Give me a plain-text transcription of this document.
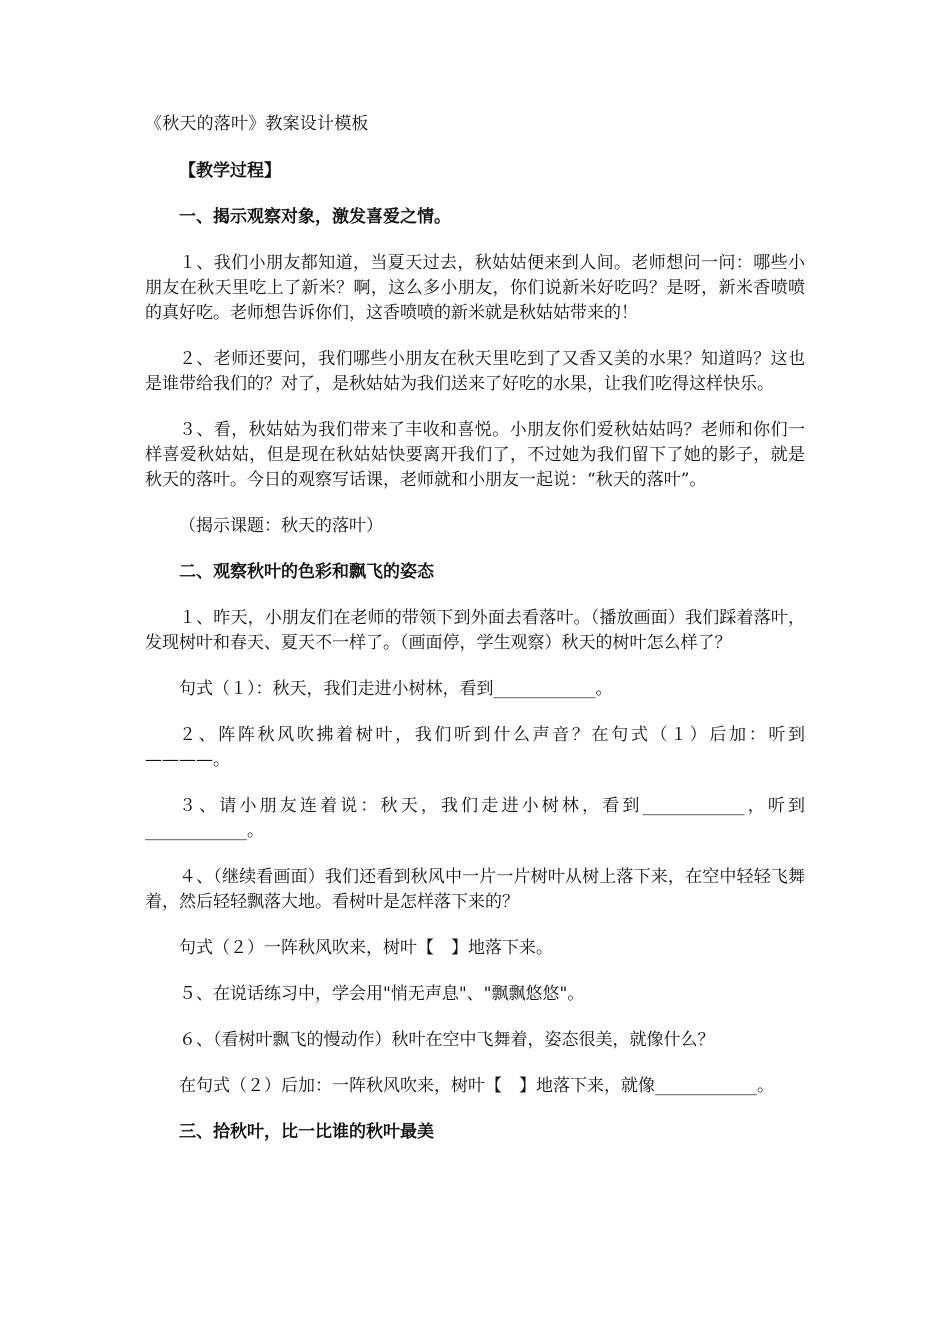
《秋天的落叶》教案设计模板

【教学过程】

一、揭示观察对象，激发喜爱之情。

１、我们小朋友都知道，当夏天过去，秋姑姑便来到人间。老师想问一问：哪些小朋友在秋天里吃上了新米？啊，这么多小朋友，你们说新米好吃吗？是呀，新米香喷喷的真好吃。老师想告诉你们，这香喷喷的新米就是秋姑姑带来的！

２、老师还要问，我们哪些小朋友在秋天里吃到了又香又美的水果？知道吗？这也是谁带给我们的？对了，是秋姑姑为我们送来了好吃的水果，让我们吃得这样快乐。

３、看，秋姑姑为我们带来了丰收和喜悦。小朋友你们爱秋姑姑吗？老师和你们一样喜爱秋姑姑，但是现在秋姑姑快要离开我们了，不过她为我们留下了她的影子，就是秋天的落叶。今日的观察写话课，老师就和小朋友一起说：“秋天的落叶”。

（揭示课题：秋天的落叶）

二、观察秋叶的色彩和飘飞的姿态

１、昨天，小朋友们在老师的带领下到外面去看落叶。（播放画面）我们踩着落叶，发现树叶和春天、夏天不一样了。（画面停，学生观察）秋天的树叶怎么样了？

句式（１）：秋天，我们走进小树林，看到____________。

２、阵阵秋风吹拂着树叶，我们听到什么声音？在句式（１）后加：听到————。

３、请小朋友连着说：秋天，我们走进小树林，看到____________，听到____________。

４、（继续看画面）我们还看到秋风中一片一片树叶从树上落下来，在空中轻轻飞舞着，然后轻轻飘落大地。看树叶是怎样落下来的？

句式（２）一阵秋风吹来，树叶【　】地落下来。

５、在说话练习中，学会用"悄无声息"、"飘飘悠悠"。

６、（看树叶飘飞的慢动作）秋叶在空中飞舞着，姿态很美，就像什么？

在句式（２）后加：一阵秋风吹来，树叶【　】地落下来，就像____________。

三、拾秋叶，比一比谁的秋叶最美
